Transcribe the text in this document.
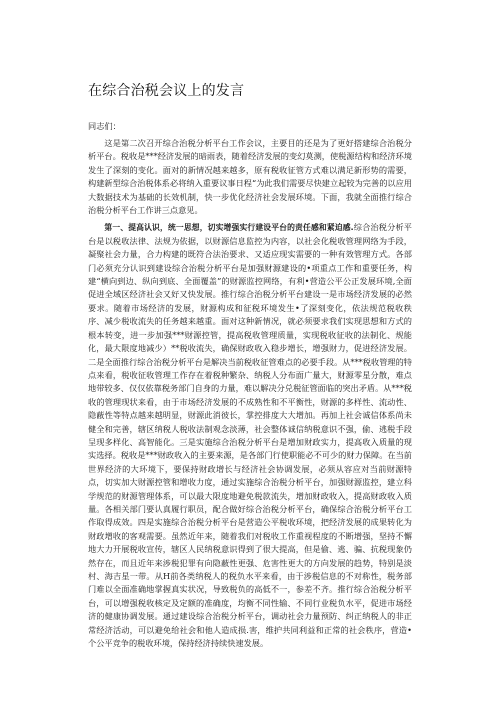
在综合治税会议上的发言

同志们：

这是第二次召开综合治税分析平台工作会议，主要目的还是为了更好搭建综合治税分析平台。税收是***经济发展的暗雨表，随着经济发展的变幻莫测，使税源结构和经济环境发生了深刻的变化。面对的新情况越来越多，原有税收征管方式难以满足新形势的需要，构建新型综合治税体系必将纳入重要议事日程“为此我们需要尽快建立起较为完善的以应用大数据技术为基础的长效机制，快一步优化经济社会发展环境。下面，我就全面推行综合治税分析平台工作讲三点意见。

第一、提高认识，统一思想，切实增强实行建设平台的责任感和紧迫感.综合治税分析平台是以税收法律、法规为依据，以财源信息监控为内容，以社会化税收管理网络为手段，凝聚社会力量，合力构建的既符合法治要求、又适应现实需要的一种有效管理方式。各部门必须充分认识到建设综合治税分析平台是加强财源建设的•项重点工作和重要任务，构建“横向到边、纵向到底、全面覆盖”的财源监控网络，有利•营造公平公正发展环境,全面促进全域区经济社会又好又快发展。推行综合治税分析平台建设一是市场经济发展的必然要求。随着市场经济的发展，财源构成和征税环境发生•了深刻变化，依法规范税收秩序、减少税收流失的任务越来越重。面对这种新情况，就必须要求我们实现思想和方式的根本转变，进一步加强***财源控管，提高税收管理质量，实现税收征收的法制化、规能化，最大限度地减少）**税收流失，确保财政收入稳步增长，增强财力，促进经济发展。二是全面推行综合治税分析平台是解决当前税收征管难点的必要手段。从***税收管理的特点来看，税收征收管理工作存在着税种繁杂、纳税人分布面广量大，财源零星分散，难点地带较多、仅仅依靠税务部门自身的力量，难以解决分兑税征管面临的突出矛盾。从***税收的管理现状来看，由于市场经济发展的不成熟性和不平衡性，财源的多样性、流动性、隐蔽性等特点越来越明显，财源此消彼长，掌控排度大大增加。再加上社会诚信体系尚未健全和完善，辖区纳税人税收法制观念淡薄，社会整体诚信纳税意识不强，偷、逃税手段呈现多样化、高智能化。三是实施综合治税分析平台是增加财政实力，提高收入质量的现实选择。税收是***财政收入的主要来源，是各部门行使职能必不可少的财力保障。在当前世界经济的大环境下，要保持财政增长与经济社会协调发展，必须从容应对当前财源特点，切实加大财源控管和增收力度，通过实施综合治税分析平台，加强财源监控，建立科学规范的财源管理体系，可以最大限度地避免税款流失，增加财政收入，提高财政收入质量。各相关部门要认真履行职员，配合做好综合治税分析平台，确保综合治税分析平台工作取得成效。四是实施综合治税分析平台是营造公平税收环境，把经济发展的成果转化为财政增收的客观需要。虽然近年来，随着我们对税收工作重视程度的不断增强，坚持不懈地大力开展税收宣传，辖区人民纳税意识得到了很大提高，但是偷、逃、骗、抗税现象仍然存在，而且近年来涉税犯罪有向隐蔽性更强、危害性更大的方向发展的趋势，特别是淡村、海吉星一带。从H前各类纳税人的税负水平来看，由于涉税信息的不对称性，税务部门难以全面准确地掌握真实状况，导致税负的高低不一，参差不齐。推行综合治税分析平台，可以增强税收核定及定额的准确度，均衡不同性输、不同行业税负水平，促进市场经济的健康协调发展。通过建设综合治税分析平台，调动社会力量预防、纠正纳税人的非正常经济活动，可以避免给社会和他人造成损.害，维护共同利益和正常的社会秩序，营造•个公平竞争的税收环境，保持经济持续快速发展。
